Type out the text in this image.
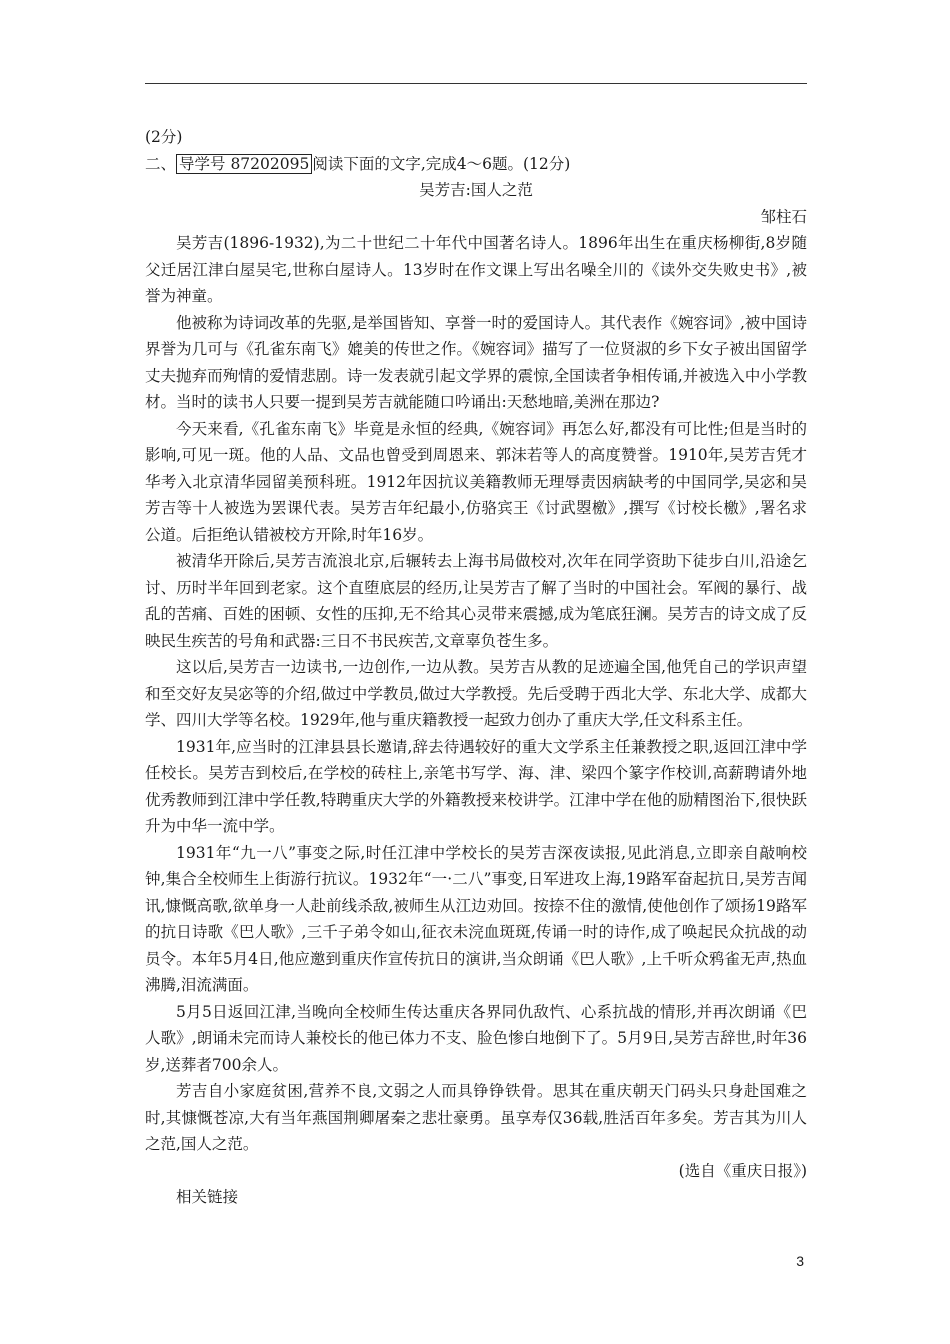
(2分)
二、 导学号 87202095 阅读下面的文字,完成4～6题。(12分)
吴芳吉:国人之范
邹柱石
吴芳吉(1896-1932),为二十世纪二十年代中国著名诗人。1896年出生在重庆杨柳街,8岁随父迁居江津白屋吴宅,世称白屋诗人。13岁时在作文课上写出名噪全川的《读外交失败史书》,被誉为神童。
他被称为诗词改革的先驱,是举国皆知、享誉一时的爱国诗人。其代表作《婉容词》,被中国诗界誉为几可与《孔雀东南飞》媲美的传世之作。《婉容词》描写了一位贤淑的乡下女子被出国留学丈夫抛弃而殉情的爱情悲剧。诗一发表就引起文学界的震惊,全国读者争相传诵,并被选入中小学教材。当时的读书人只要一提到吴芳吉就能随口吟诵出:天愁地暗,美洲在那边?
今天来看,《孔雀东南飞》毕竟是永恒的经典,《婉容词》再怎么好,都没有可比性;但是当时的影响,可见一斑。他的人品、文品也曾受到周恩来、郭沫若等人的高度赞誉。1910年,吴芳吉凭才华考入北京清华园留美预科班。1912年因抗议美籍教师无理辱责因病缺考的中国同学,吴宓和吴芳吉等十人被选为罢课代表。吴芳吉年纪最小,仿骆宾王《讨武曌檄》,撰写《讨校长檄》,署名求公道。后拒绝认错被校方开除,时年16岁。
被清华开除后,吴芳吉流浪北京,后辗转去上海书局做校对,次年在同学资助下徒步白川,沿途乞讨、历时半年回到老家。这个直堕底层的经历,让吴芳吉了解了当时的中国社会。军阀的暴行、战乱的苦痛、百姓的困顿、女性的压抑,无不给其心灵带来震撼,成为笔底狂澜。吴芳吉的诗文成了反映民生疾苦的号角和武器:三日不书民疾苦,文章辜负苍生多。
这以后,吴芳吉一边读书,一边创作,一边从教。吴芳吉从教的足迹遍全国,他凭自己的学识声望和至交好友吴宓等的介绍,做过中学教员,做过大学教授。先后受聘于西北大学、东北大学、成都大学、四川大学等名校。1929年,他与重庆籍教授一起致力创办了重庆大学,任文科系主任。
1931年,应当时的江津县县长邀请,辞去待遇较好的重大文学系主任兼教授之职,返回江津中学任校长。吴芳吉到校后,在学校的砖柱上,亲笔书写学、海、津、梁四个篆字作校训,高薪聘请外地优秀教师到江津中学任教,特聘重庆大学的外籍教授来校讲学。江津中学在他的励精图治下,很快跃升为中华一流中学。
1931年“九一八”事变之际,时任江津中学校长的吴芳吉深夜读报,见此消息,立即亲自敲响校钟,集合全校师生上街游行抗议。1932年“一·二八”事变,日军进攻上海,19路军奋起抗日,吴芳吉闻讯,慷慨高歌,欲单身一人赴前线杀敌,被师生从江边劝回。按捺不住的激情,使他创作了颂扬19路军的抗日诗歌《巴人歌》,三千子弟令如山,征衣未浣血斑斑,传诵一时的诗作,成了唤起民众抗战的动员令。本年5月4日,他应邀到重庆作宣传抗日的演讲,当众朗诵《巴人歌》,上千听众鸦雀无声,热血沸腾,泪流满面。
5月5日返回江津,当晚向全校师生传达重庆各界同仇敌忾、心系抗战的情形,并再次朗诵《巴人歌》,朗诵未完而诗人兼校长的他已体力不支、脸色惨白地倒下了。5月9日,吴芳吉辞世,时年36岁,送葬者700余人。
芳吉自小家庭贫困,营养不良,文弱之人而具铮铮铁骨。思其在重庆朝天门码头只身赴国难之时,其慷慨苍凉,大有当年燕国荆卿屠秦之悲壮豪勇。虽享寿仅36载,胜活百年多矣。芳吉其为川人之范,国人之范。
(选自《重庆日报》)
相关链接
3
